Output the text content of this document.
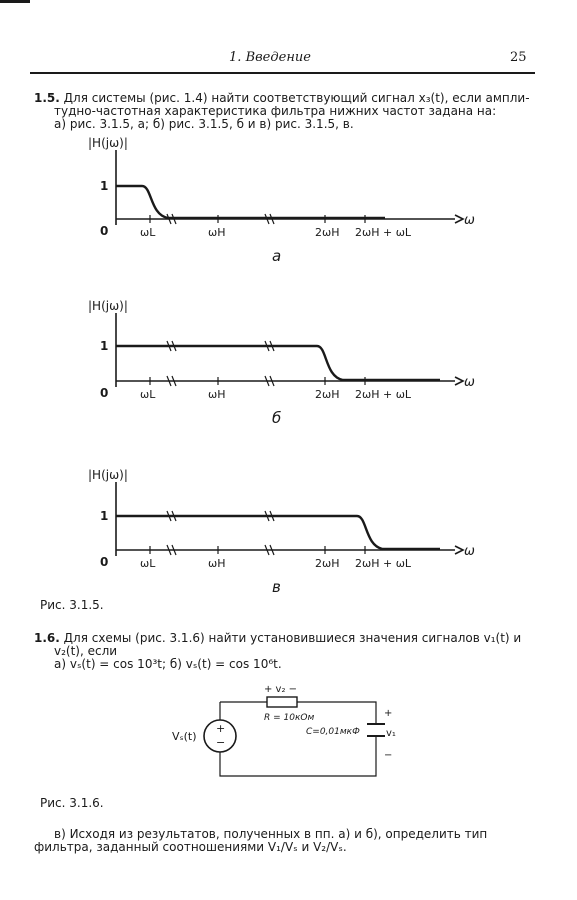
1. Введение	25
1.5. Для системы (рис. 1.4) найти соответствующий сигнал x₃(t), если ампли-
тудно-частотная характеристика фильтра нижних частот задана на:
а) рис. 3.1.5, а; б) рис. 3.1.5, б и в) рис. 3.1.5, в.
|H(jω)|
1
0
ω
ωL	ωH	2ωH 2ωH + ωL
а
|H(jω)|
1
0
ω
ωL	ωH	2ωH 2ωH + ωL
б
|H(jω)|
1
0
ω
ωL	ωH	2ωH 2ωH + ωL
в
Рис. 3.1.5.
1.6. Для схемы (рис. 3.1.6) найти установившиеся значения сигналов v₁(t) и
v₂(t), если
а) vₛ(t) = cos 10³t; б) vₛ(t) = cos 10⁶t.
+
−
Vₛ(t)
+ v₂ −
R = 10кОм
C=0,01мкФ
+
v₁
−
Рис. 3.1.6.
в) Исходя из результатов, полученных в пп. а) и б), определить тип
фильтра, заданный соотношениями V₁/Vₛ и V₂/Vₛ.
